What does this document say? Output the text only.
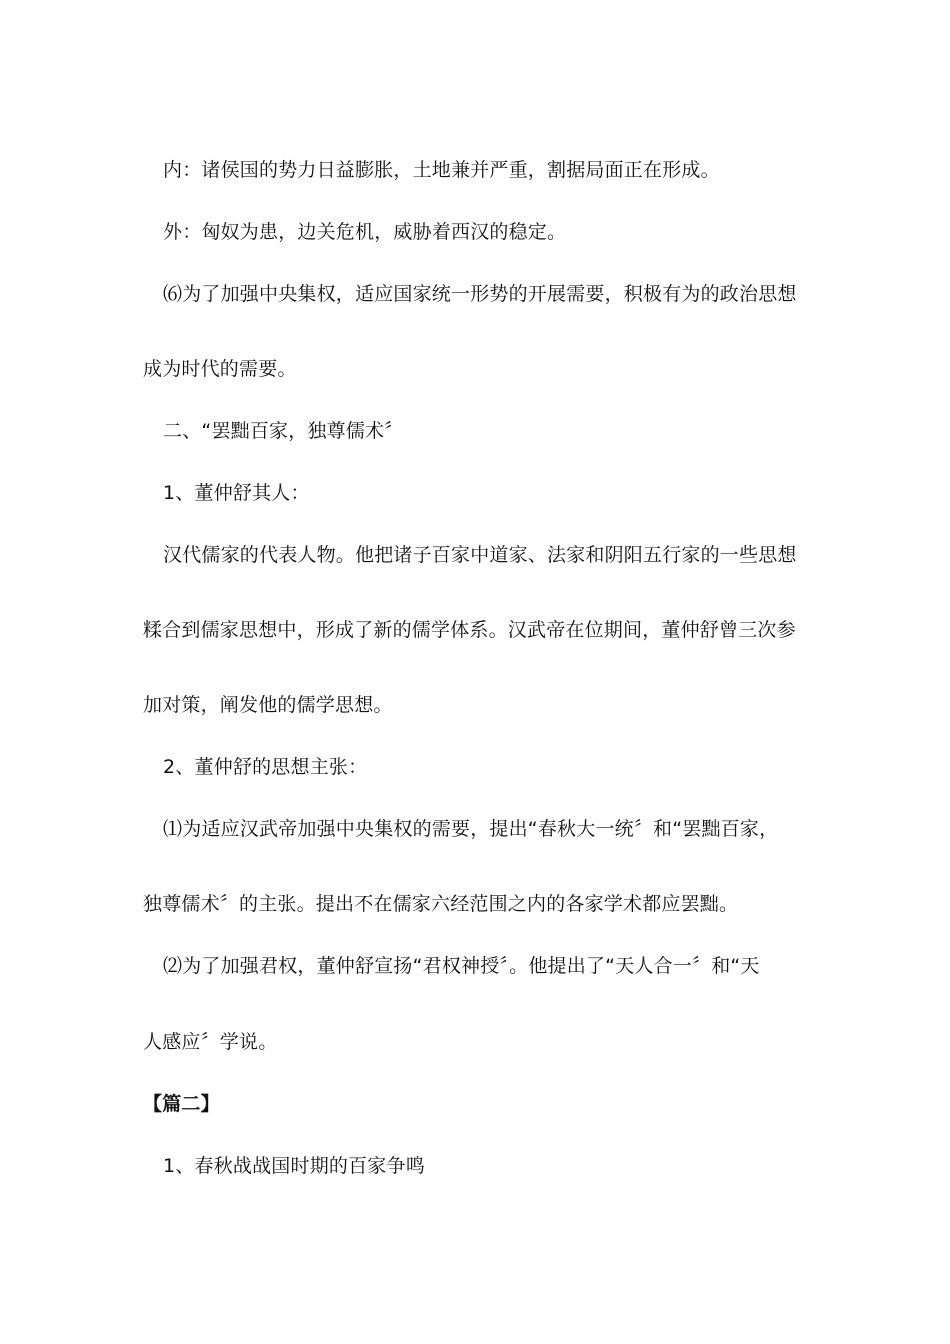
内：诸侯国的势力日益膨胀，土地兼并严重，割据局面正在形成。

外：匈奴为患，边关危机，威胁着西汉的稳定。

⑹为了加强中央集权，适应国家统一形势的开展需要，积极有为的政治思想

成为时代的需要。

二、“罢黜百家，独尊儒术〞

1、董仲舒其人：

汉代儒家的代表人物。他把诸子百家中道家、法家和阴阳五行家的一些思想

糅合到儒家思想中，形成了新的儒学体系。汉武帝在位期间，董仲舒曾三次参

加对策，阐发他的儒学思想。

2、董仲舒的思想主张：

⑴为适应汉武帝加强中央集权的需要，提出“春秋大一统〞和“罢黜百家，

独尊儒术〞的主张。提出不在儒家六经范围之内的各家学术都应罢黜。

⑵为了加强君权，董仲舒宣扬“君权神授〞。他提出了“天人合一〞和“天

人感应〞学说。

【篇二】

1、春秋战战国时期的百家争鸣
